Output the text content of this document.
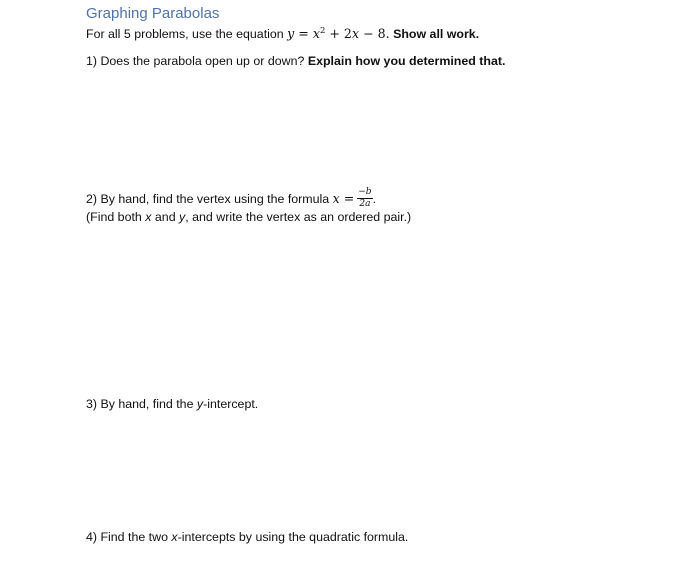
Graphing Parabolas
For all 5 problems, use the equation $y = x^2 + 2x - 8$. Show all work.
1) Does the parabola open up or down? Explain how you determined that.
2) By hand, find the vertex using the formula $x = \frac{-b}{2a}$ .
(Find both x and y, and write the vertex as an ordered pair.)
3) By hand, find the y-intercept.
4) Find the two x-intercepts by using the quadratic formula.
